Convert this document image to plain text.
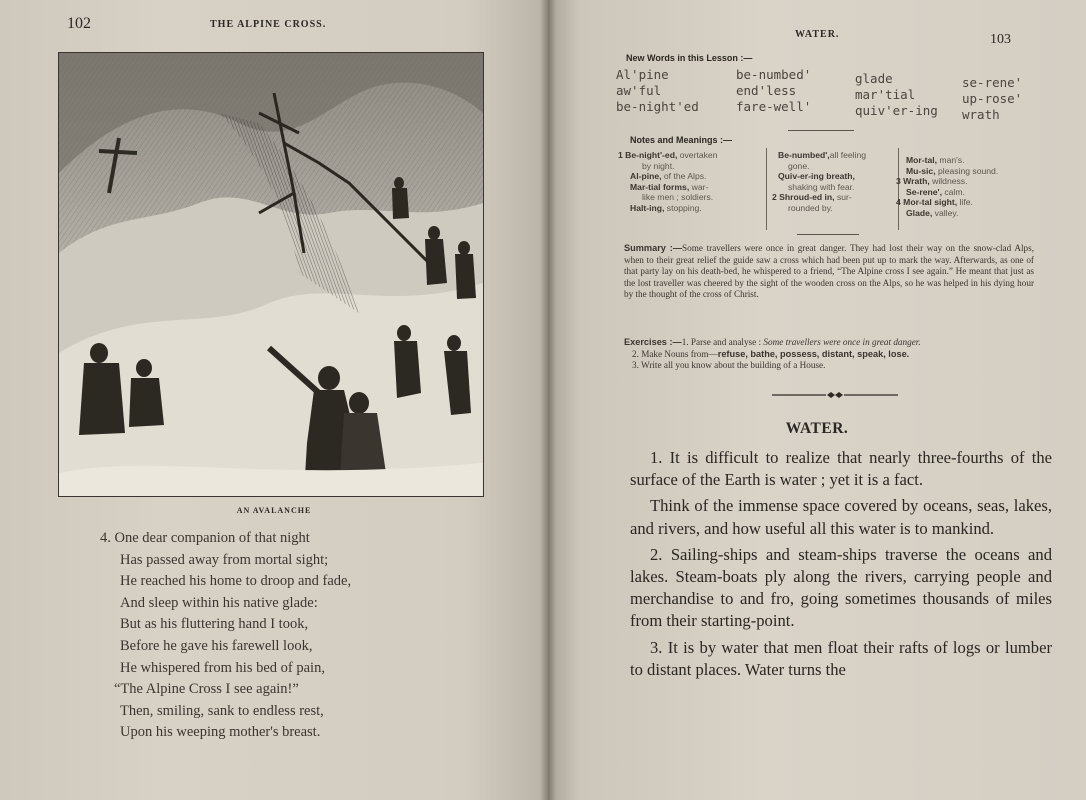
102	THE ALPINE CROSS.
AN AVALANCHE
4. One dear companion of that night
Has passed away from mortal sight;
He reached his home to droop and fade,
And sleep within his native glade:
But as his fluttering hand I took,
Before he gave his farewell look,
He whispered from his bed of pain,
“The Alpine Cross I see again!”
Then, smiling, sank to endless rest,
Upon his weeping mother's breast.
WATER.	103
New Words in this Lesson :—
Al'pine
aw'ful
be-night'ed
be-numbed'
end'less
fare-well'
glade
mar'tial
quiv'er-ing
se-rene'
up-rose'
wrath
Notes and Meanings :—
1 Be-night'-ed, overtaken
by night.
Al-pine, of the Alps.
Mar-tial forms, war-
like men ; soldiers.
Halt-ing, stopping.
Be-numbed',all feeling
gone.
Quiv-er-ing breath,
shaking with fear.
2 Shroud-ed in, sur-
rounded by.
Mor-tal, man's.
Mu-sic, pleasing sound.
3 Wrath, wildness.
Se-rene', calm.
4 Mor-tal sight, life.
Glade, valley.
Summary :—Some travellers were once in great danger. They had lost their way on the snow-clad Alps, when to their great relief the guide saw a cross which had been put up to mark the way. Afterwards, as one of that party lay on his death-bed, he whispered to a friend, “The Alpine cross I see again.” He meant that just as the lost traveller was cheered by the sight of the wooden cross on the Alps, so he was helped in his dying hour by the thought of the cross of Christ.
Exercises :—1. Parse and analyse : Some travellers were once in great danger.
2. Make Nouns from—refuse, bathe, possess, distant, speak, lose.
3. Write all you know about the building of a House.
WATER.

1. It is difficult to realize that nearly three-fourths of the surface of the Earth is water ; yet it is a fact.

Think of the immense space covered by oceans, seas, lakes, and rivers, and how useful all this water is to mankind.

2. Sailing-ships and steam-ships traverse the oceans and lakes. Steam-boats ply along the rivers, carrying people and merchandise to and fro, going sometimes thousands of miles from their starting-point.

3. It is by water that men float their rafts of logs or lumber to distant places. Water turns the
